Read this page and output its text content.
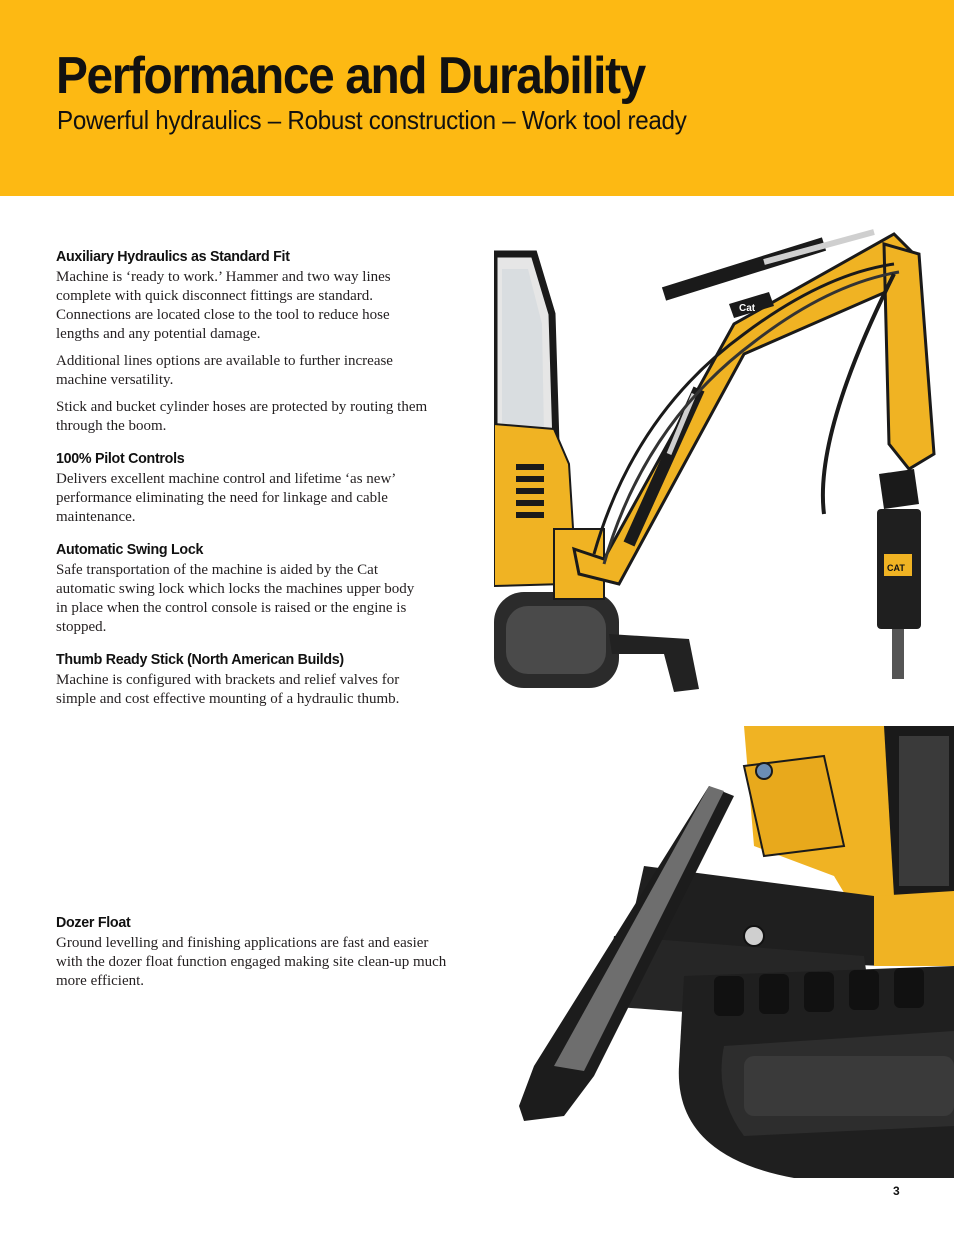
Performance and Durability
Powerful hydraulics – Robust construction – Work tool ready
Auxiliary Hydraulics as Standard Fit

Machine is ‘ready to work.’ Hammer and two way lines complete with quick disconnect fittings are standard. Connections are located close to the tool to reduce hose lengths and any potential damage.

Additional lines options are available to further increase machine versatility.

Stick and bucket cylinder hoses are protected by routing them through the boom.

100% Pilot Controls

Delivers excellent machine control and lifetime ‘as new’ performance eliminating the need for linkage and cable maintenance.

Automatic Swing Lock

Safe transportation of the machine is aided by the Cat automatic swing lock which locks the machines upper body in place when the control console is raised or the engine is stopped.

Thumb Ready Stick (North American Builds)

Machine is configured with brackets and relief valves for simple and cost effective mounting of a hydraulic thumb.

Dozer Float

Ground levelling and finishing applications are fast and easier with the dozer float function engaged making site clean-up much more efficient.

Cat
CAT
3
